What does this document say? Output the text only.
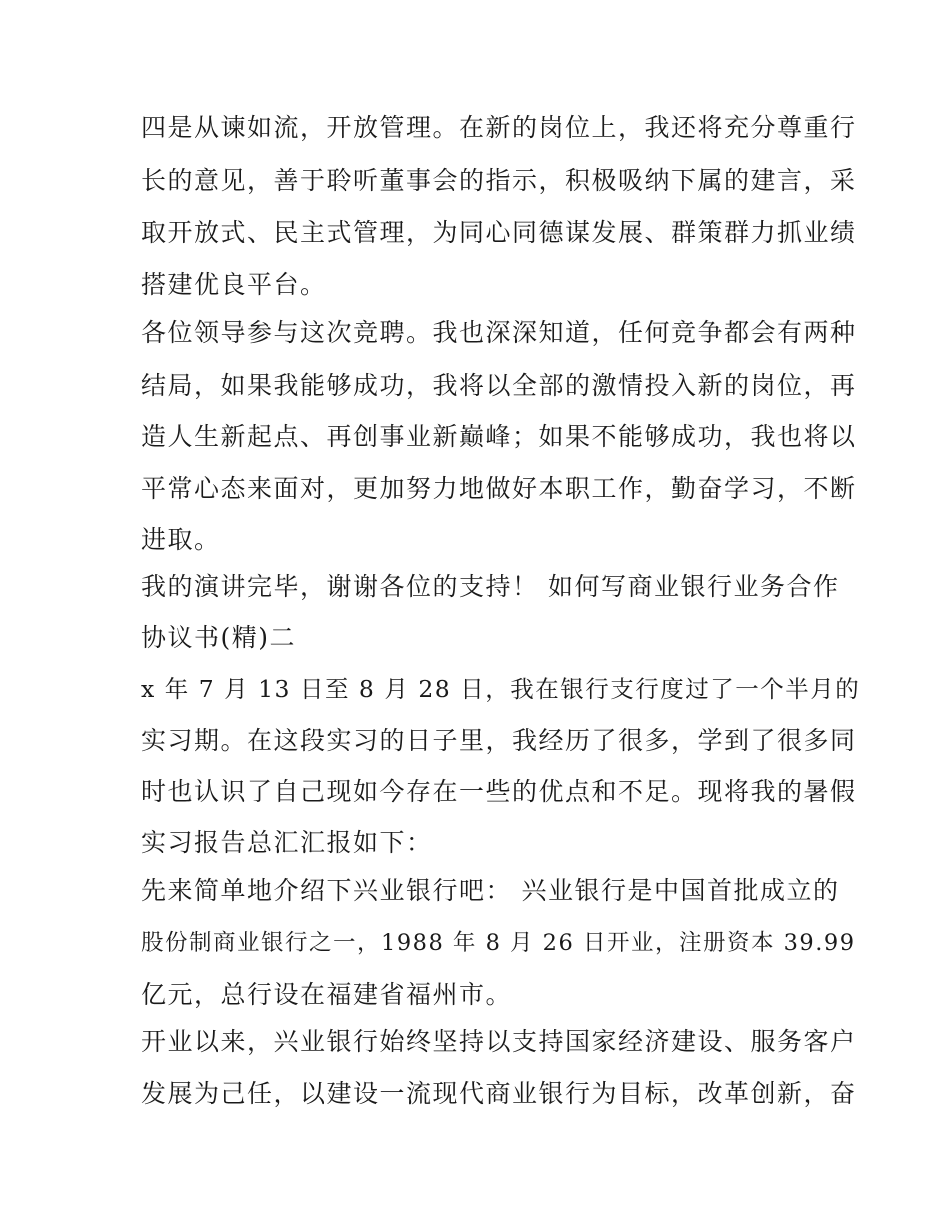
四是从谏如流，开放管理。在新的岗位上，我还将充分尊重行
长的意见，善于聆听董事会的指示，积极吸纳下属的建言，采
取开放式、民主式管理，为同心同德谋发展、群策群力抓业绩
搭建优良平台。
各位领导参与这次竞聘。我也深深知道，任何竞争都会有两种
结局，如果我能够成功，我将以全部的激情投入新的岗位，再
造人生新起点、再创事业新巅峰；如果不能够成功，我也将以
平常心态来面对，更加努力地做好本职工作，勤奋学习，不断
进取。
我的演讲完毕，谢谢各位的支持！ 如何写商业银行业务合作
协议书(精)二
x 年 7 月 13 日至 8 月 28 日，我在银行支行度过了一个半月的
实习期。在这段实习的日子里，我经历了很多，学到了很多同
时也认识了自己现如今存在一些的优点和不足。现将我的暑假
实习报告总汇汇报如下：
先来简单地介绍下兴业银行吧： 兴业银行是中国首批成立的
股份制商业银行之一，1988 年 8 月 26 日开业，注册资本 39.99
亿元，总行设在福建省福州市。
开业以来，兴业银行始终坚持以支持国家经济建设、服务客户
发展为己任，以建设一流现代商业银行为目标，改革创新，奋
